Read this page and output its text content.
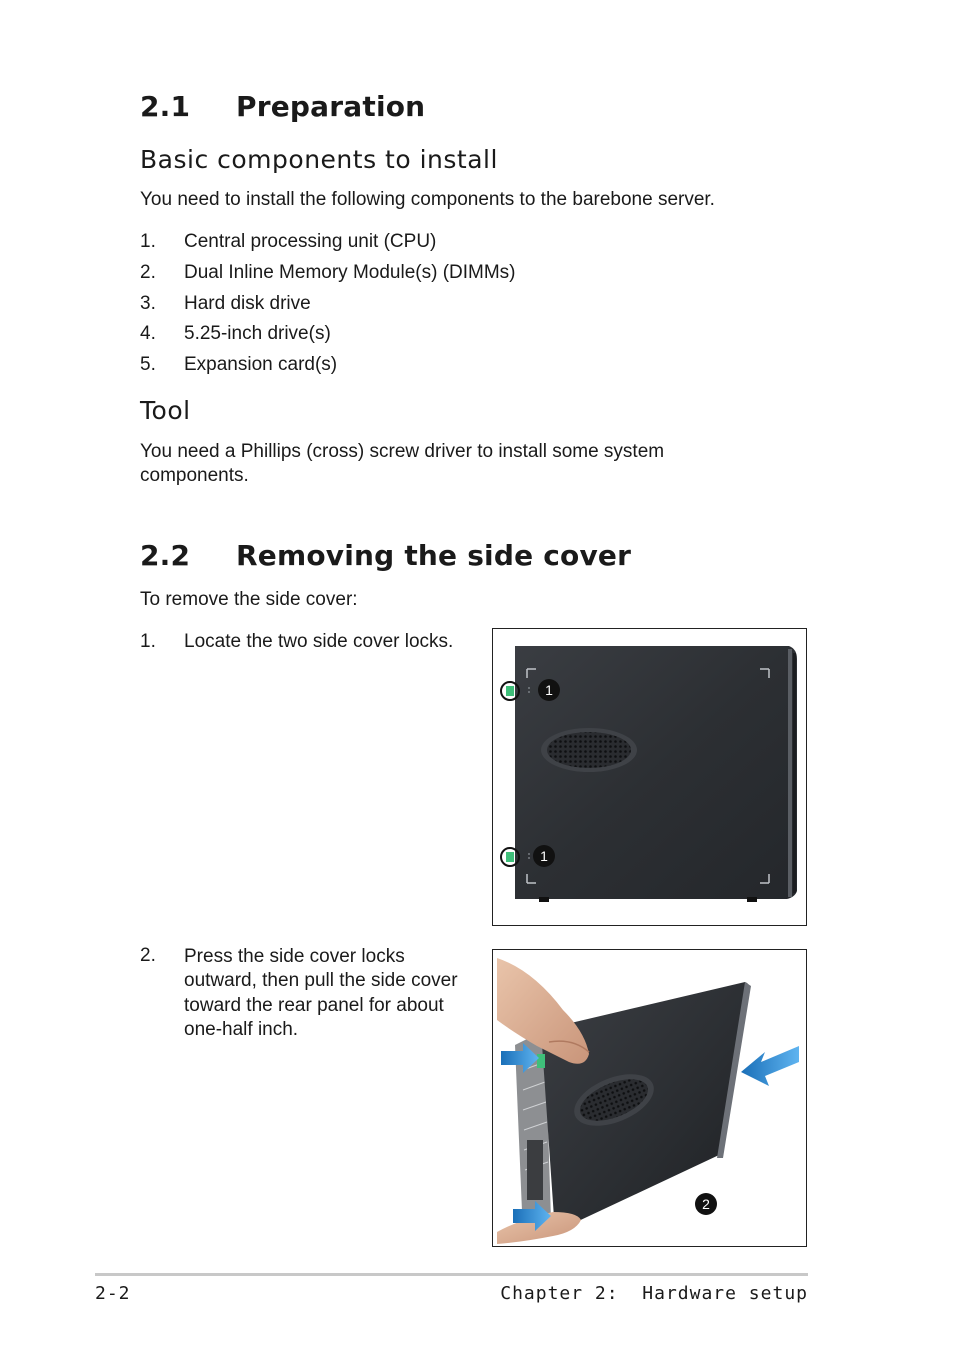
2.1 Preparation
Basic components to install
You need to install the following components to the barebone server.
1. Central processing unit (CPU)
2. Dual Inline Memory Module(s) (DIMMs)
3. Hard disk drive
4. 5.25-inch drive(s)
5. Expansion card(s)
Tool
You need a Phillips (cross) screw driver to install some system
components.
2.2 Removing the side cover
To remove the side cover:
1. Locate the two side cover locks.
2. Press the side cover locks
outward, then pull the side cover
toward the rear panel for about
one-half inch.
1
1
2
2-2	Chapter 2:  Hardware setup
